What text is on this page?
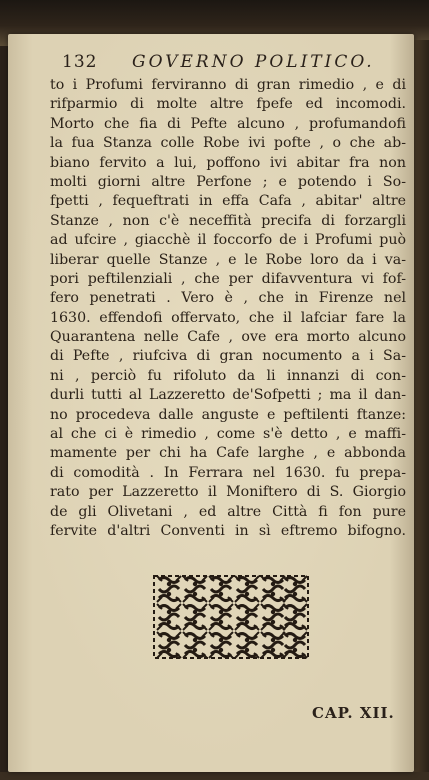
132 GOVERNO POLITICO.
to i Profumi ferviranno di gran rimedio , e di
rifparmio di molte altre fpefe ed incomodi.
Morto che fia di Pefte alcuno , profumandofi
la fua Stanza colle Robe ivi pofte , o che ab-
biano fervito a lui, poffono ivi abitar fra non
molti giorni altre Perfone ; e potendo i So-
fpetti , fequeftrati in effa Cafa , abitar' altre
Stanze , non c'è neceffità precifa di forzargli
ad ufcire , giacchè il foccorfo de i Profumi può
liberar quelle Stanze , e le Robe loro da i va-
pori peftilenziali , che per difavventura vi fof-
fero penetrati . Vero è , che in Firenze nel
1630. effendofi offervato, che il lafciar fare la
Quarantena nelle Cafe , ove era morto alcuno
di Pefte , riufciva di gran nocumento a i Sa-
ni , perciò fu rifoluto da li innanzi di con-
durli tutti al Lazzeretto de'Sofpetti ; ma il dan-
no procedeva dalle anguste e peftilenti ftanze:
al che ci è rimedio , come s'è detto , e maffi-
mamente per chi ha Cafe larghe , e abbonda
di comodità . In Ferrara nel 1630. fu prepa-
rato per Lazzeretto il Moniftero di S. Giorgio
de gli Olivetani , ed altre Città fi fon pure
fervite d'altri Conventi in sì eftremo bifogno.
CAP. XII.
